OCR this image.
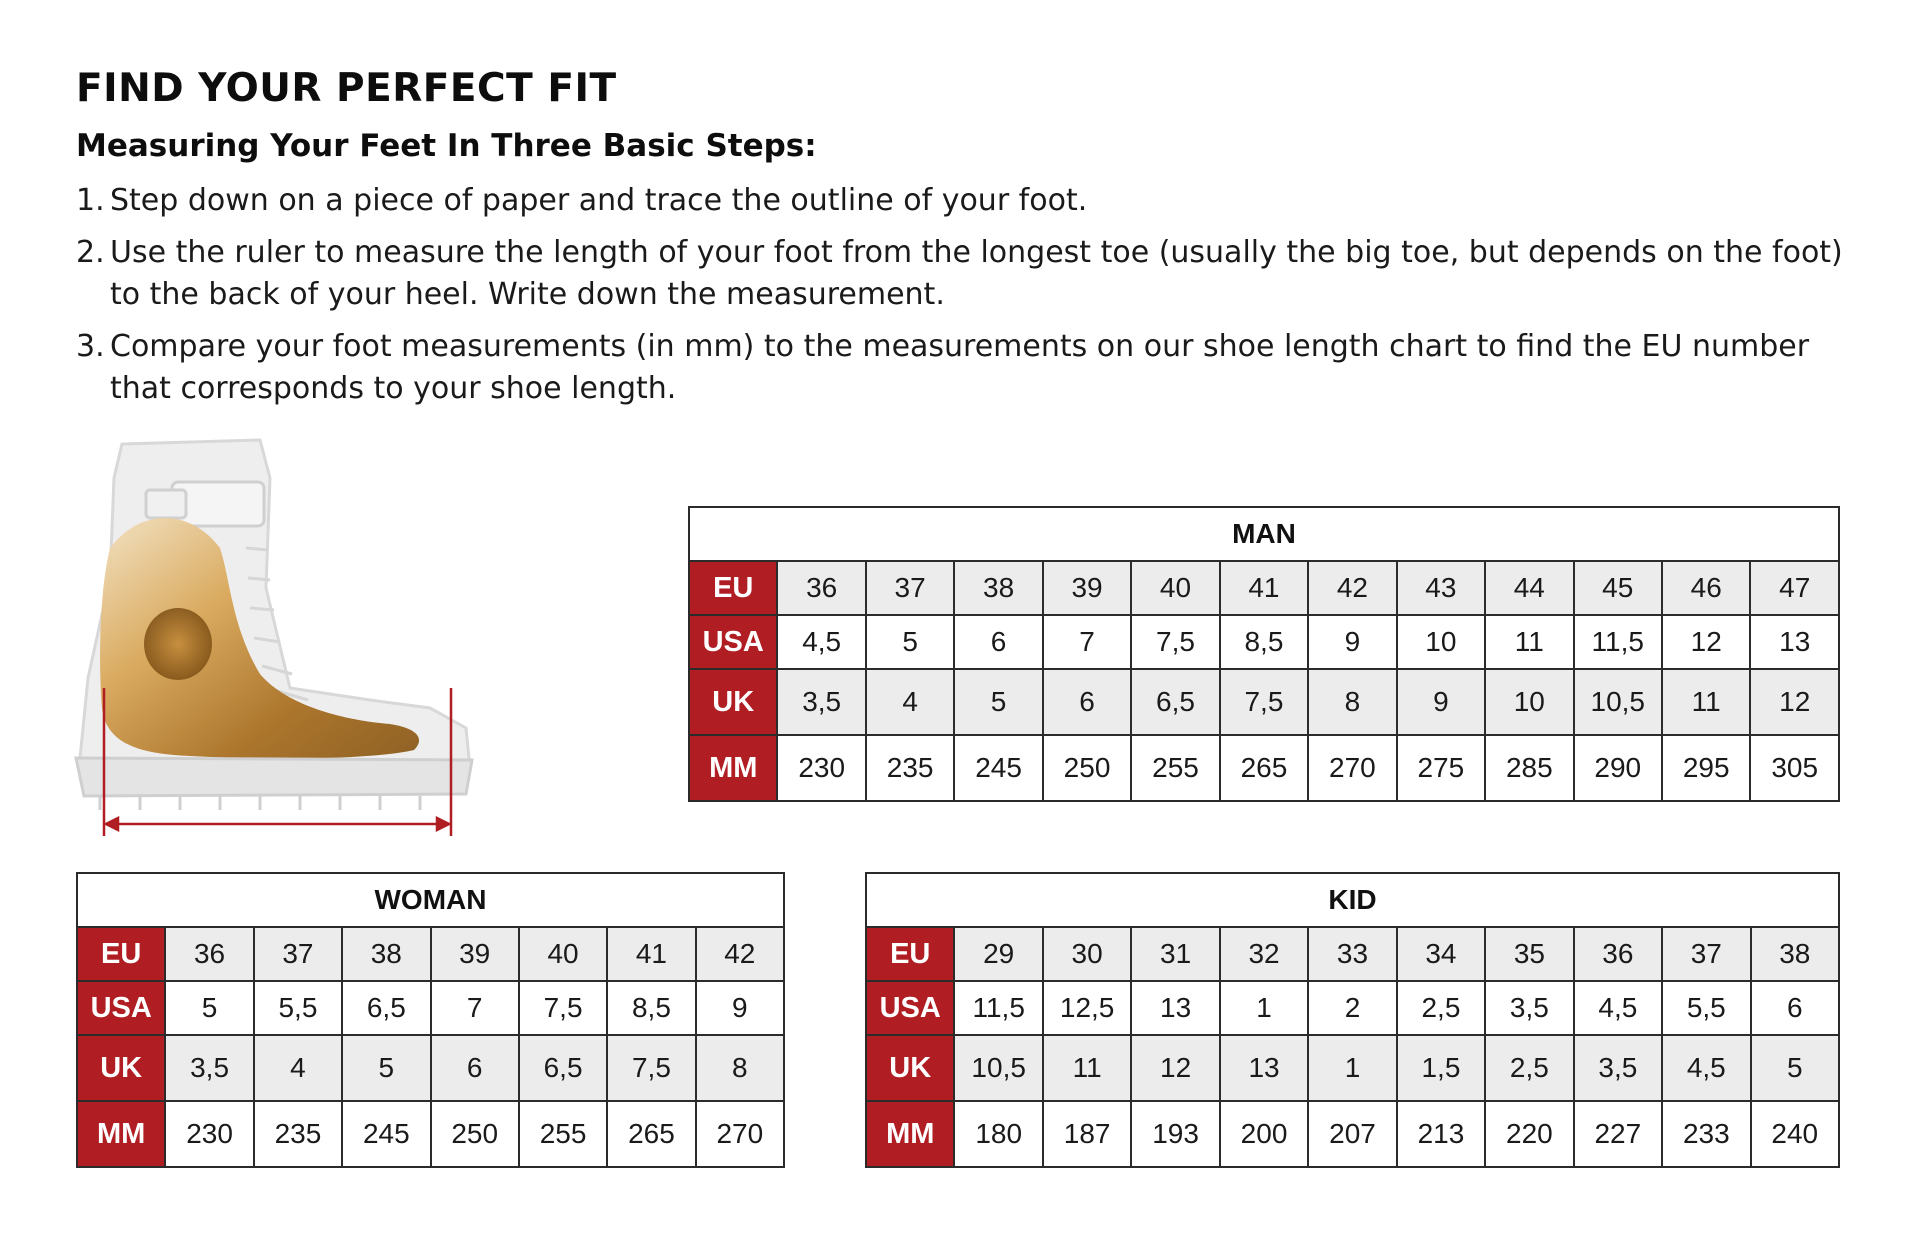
FIND YOUR PERFECT FIT
Measuring Your Feet In Three Basic Steps:
1. Step down on a piece of paper and trace the outline of your foot.
2. Use the ruler to measure the length of your foot from the longest toe (usually the big toe, but depends on the foot) to the back of your heel. Write down the measurement.
3. Compare your foot measurements (in mm) to the measurements on our shoe length chart to find the EU number that corresponds to your shoe length.
MAN												
EU	36	37	38	39	40	41	42	43	44	45	46	47
USA	4,5	5	6	7	7,5	8,5	9	10	11	11,5	12	13
UK	3,5	4	5	6	6,5	7,5	8	9	10	10,5	11	12
MM	230	235	245	250	255	265	270	275	285	290	295	305
WOMAN							
EU	36	37	38	39	40	41	42
USA	5	5,5	6,5	7	7,5	8,5	9
UK	3,5	4	5	6	6,5	7,5	8
MM	230	235	245	250	255	265	270
KID										
EU	29	30	31	32	33	34	35	36	37	38
USA	11,5	12,5	13	1	2	2,5	3,5	4,5	5,5	6
UK	10,5	11	12	13	1	1,5	2,5	3,5	4,5	5
MM	180	187	193	200	207	213	220	227	233	240
